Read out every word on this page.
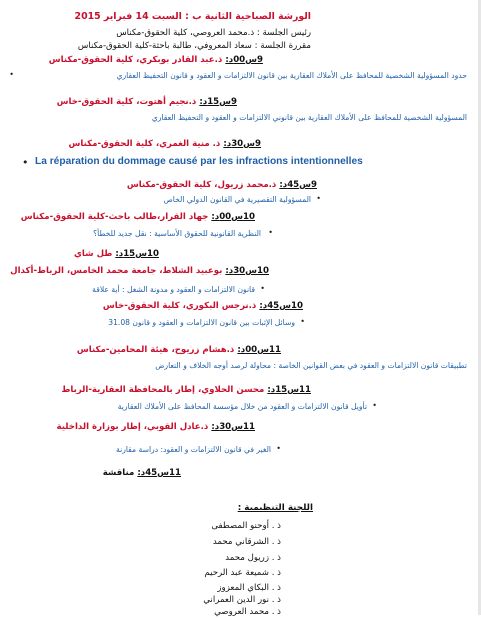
الورشة الصباحية الثانية ب : السبت 14 فبراير 2015
رئيس الجلسة : ذ.محمد العروصي، كلية الحقوق-مكناس
مقررة الجلسة : سعاد المعروفي، طالبة باحثة-كلية الحقوق-مكناس
9س00د: ذ.عبد القادر بوبكري، كلية الحقوق-مكناس
•	حدود المسؤولية الشخصية للمحافظ على الأملاك العقارية بين قانون الالتزامات و العقود و قانون التحفيظ العقاري
9س15د: ذ.نجيم أهتوت، كلية الحقوق-خاس
المسؤولية الشخصية للمحافظ على الأملاك العقارية بين قانوني الالتزامات و العقود و التحفيظ العقاري
9س30د: ذ. منية الغمري، كلية الحقوق-مكناس
• La réparation du dommage causé par les infractions intentionnelles
9س45د: ذ.محمد زريول، كلية الحقوق-مكناس
•
المسؤولية التقصيرية في القانون الدولي الخاص
10س00د: جهاد القرار،طالب باحث-كلية الحقوق-مكناس
•
النظرية القانونية للحقوق الأساسية : نقل جديد للخطأ؟
10س15د: طل شاي
10س30د: بوعبيد الشلاط، جامعة محمد الخامس، الرباط-أكدال
•
قانون الالتزامات و العقود و مدونة الشغل : أية علاقة
10س45د: ذ.نرجس البكوري، كلية الحقوق-خاس
•
وسائل الإثبات بين قانون الالتزامات و العقود و قانون 31.08
11س00د: ذ.هشام زريوح، هيئة المحامين-مكناس
تطبيقات قانون الالتزامات و العقود في بعض القوانين الخاصة : محاولة لرصد أوجه الخلاف و التعارض
11س15د: محسن الحلاوي، إطار بالمحافظة العقارية-الرباط
•
تأويل قانون الالتزامات و العقود من خلال مؤسسة المحافظ على الأملاك العقارية
11س30د: ذ.عادل القوبي، إطار بوزارة الداخلية
•
الغير في قانون الالتزامات و العقود: دراسة مقارنة
11س45د: مناقشة
اللجنة التنظيمية :
ذ . أوحنو المصطفى
ذ . الشرقاني محمد
ذ . زريول محمد
ذ . شميعة عبد الرحيم
ذ . البكاي المعزوز
ذ . نور الدين العمراني
ذ . محمد العروصي
